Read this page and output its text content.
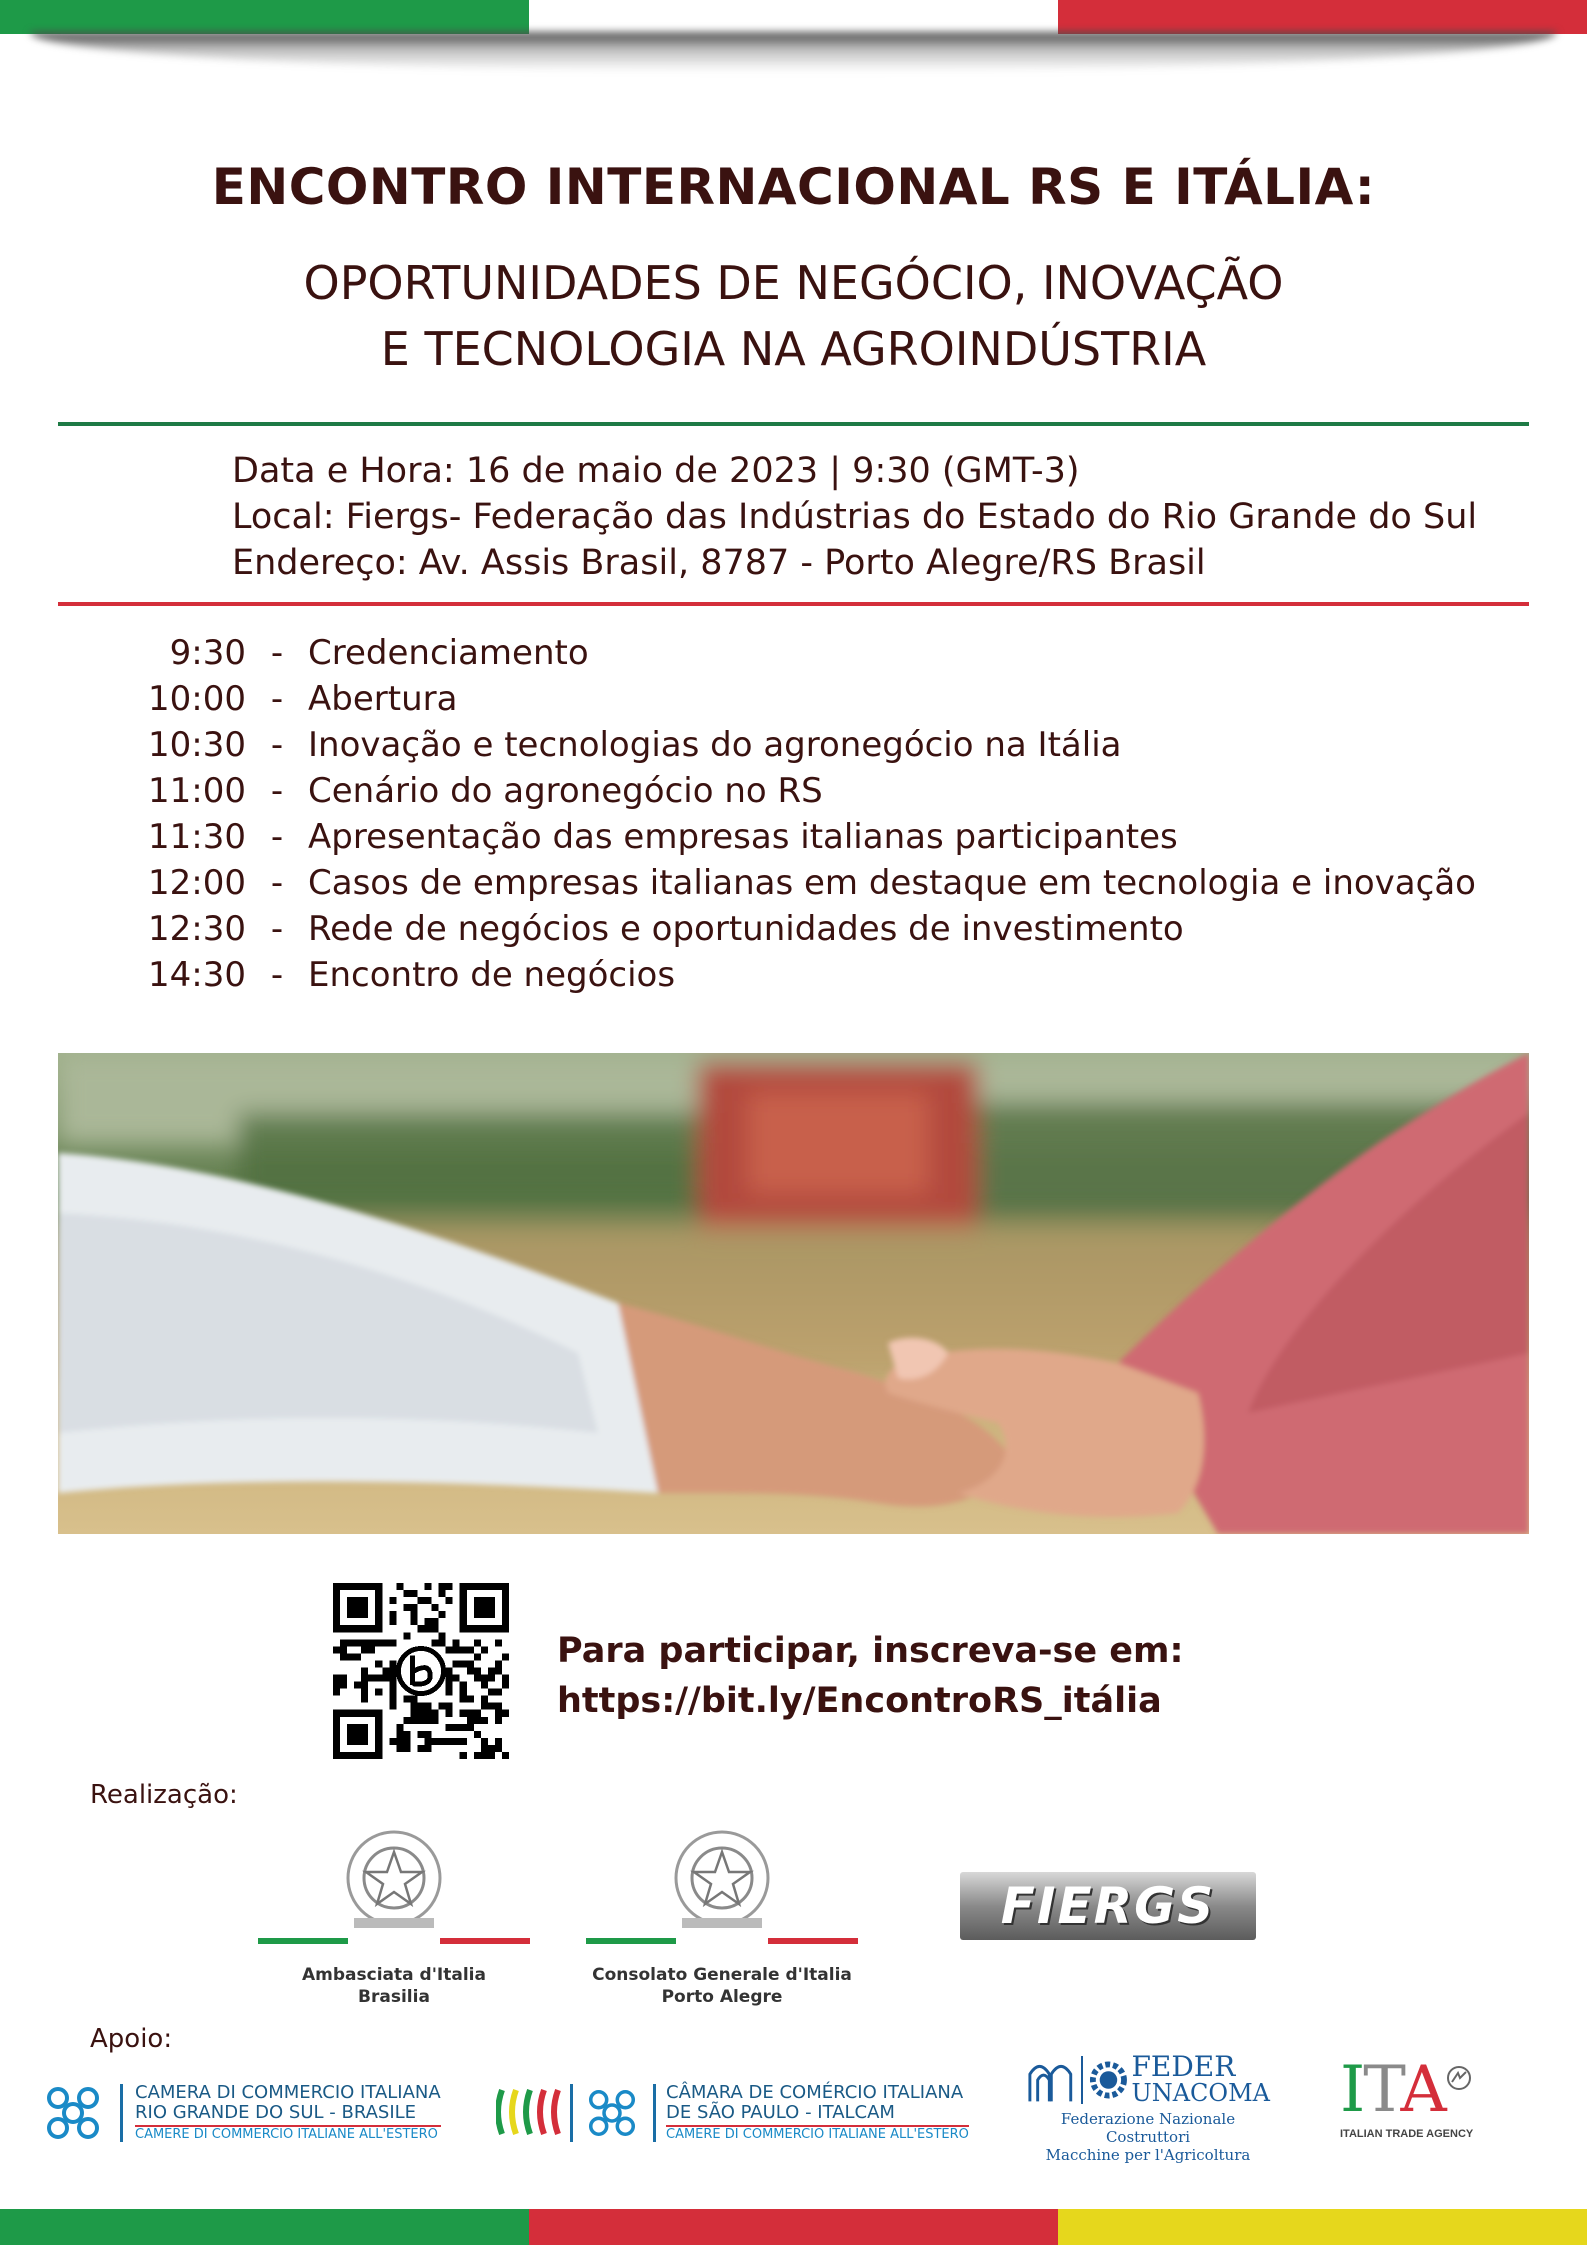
ENCONTRO INTERNACIONAL RS E ITÁLIA:
OPORTUNIDADES DE NEGÓCIO, INOVAÇÃO
E TECNOLOGIA NA AGROINDÚSTRIA
Data e Hora: 16 de maio de 2023 | 9:30 (GMT-3)
Local: Fiergs- Federação das Indústrias do Estado do Rio Grande do Sul
Endereço: Av. Assis Brasil, 8787 - Porto Alegre/RS Brasil
9:30 - Credenciamento
10:00 - Abertura
10:30 - Inovação e tecnologias do agronegócio na Itália
11:00 - Cenário do agronegócio no RS
11:30 - Apresentação das empresas italianas participantes
12:00 - Casos de empresas italianas em destaque em tecnologia e inovação
12:30 - Rede de negócios e oportunidades de investimento
14:30 - Encontro de negócios
Para participar, inscreva-se em:
https://bit.ly/EncontroRS_itália
Realização:
Ambasciata d'Italia
Brasilia
Consolato Generale d'Italia
Porto Alegre
FIERGS
Apoio:
CAMERA DI COMMERCIO ITALIANA
RIO GRANDE DO SUL - BRASILE
CAMERE DI COMMERCIO ITALIANE ALL'ESTERO
CÂMARA DE COMÉRCIO ITALIANA
DE SÃO PAULO - ITALCAM
CAMERE DI COMMERCIO ITALIANE ALL'ESTERO
FEDER
UNACOMA
Federazione Nazionale Costruttori
Macchine per l'Agricoltura
ITA
ITALIAN TRADE AGENCY
